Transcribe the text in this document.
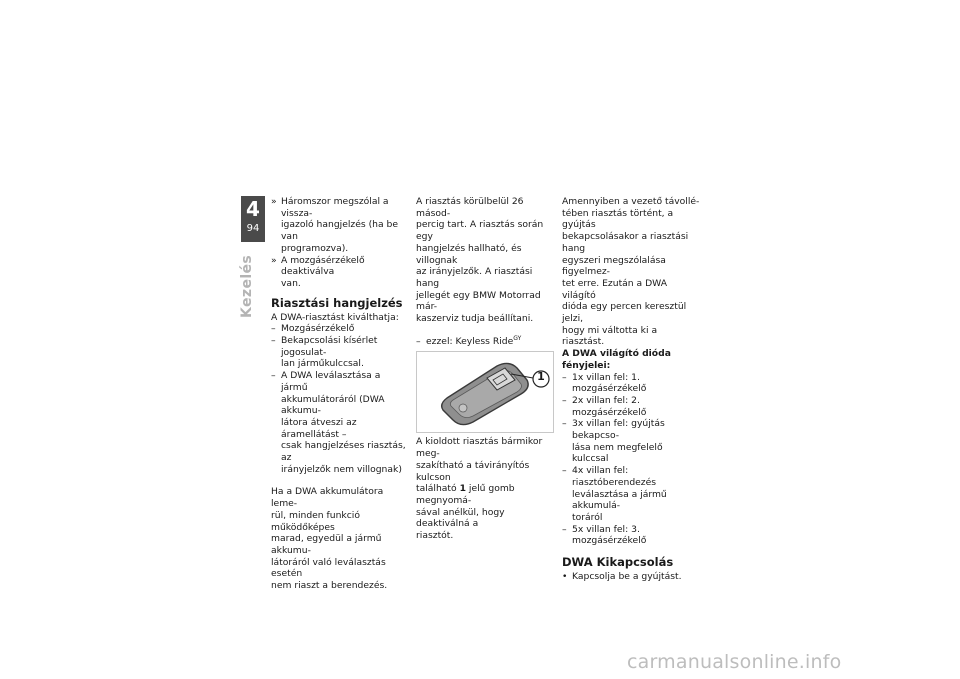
4
94
Kezelés
» Háromszor megszólal a vissza-
igazoló hangjelzés (ha be van
programozva).
» A mozgásérzékelő deaktiválva
van.
Riasztási hangjelzés

A DWA-riasztást kiválthatja:

– Mozgásérzékelő
– Bekapcsolási kísérlet jogosulat-
lan járműkulccsal.
– A DWA leválasztása a jármű
akkumulátoráról (DWA akkumu-
látora átveszi az áramellátást –
csak hangjelzéses riasztás, az
irányjelzők nem villognak)

Ha a DWA akkumulátora leme-
rül, minden funkció működőképes
marad, egyedül a jármű akkumu-
látoráról való leválasztás esetén
nem riaszt a berendezés.

A riasztás körülbelül 26 másod-
percig tart. A riasztás során egy
hangjelzés hallható, és villognak
az irányjelzők. A riasztási hang
jellegét egy BMW Motorrad már-
kaszerviz tudja beállítani.

– ezzel: Keyless Ride$^{GY}$
1

A kioldott riasztás bármikor meg-
szakítható a távirányítós kulcson
található 1 jelű gomb megnyomá-
sával anélkül, hogy deaktiválná a
riasztót.

Amennyiben a vezető távollé-
tében riasztás történt, a gyújtás
bekapcsolásakor a riasztási hang
egyszeri megszólalása figyelmez-
tet erre. Ezután a DWA világító
dióda egy percen keresztül jelzi,
hogy mi váltotta ki a riasztást.

A DWA világító dióda
fényjelei:

– 1x villan fel: 1. mozgásérzékelő
– 2x villan fel: 2. mozgásérzékelő
– 3x villan fel: gyújtás bekapcso-
lása nem megfelelő kulccsal
– 4x villan fel: riasztóberendezés
leválasztása a jármű akkumulá-
toráról
– 5x villan fel: 3. mozgásérzékelő
DWA Kikapcsolás
• Kapcsolja be a gyújtást.
carmanualsonline.info
